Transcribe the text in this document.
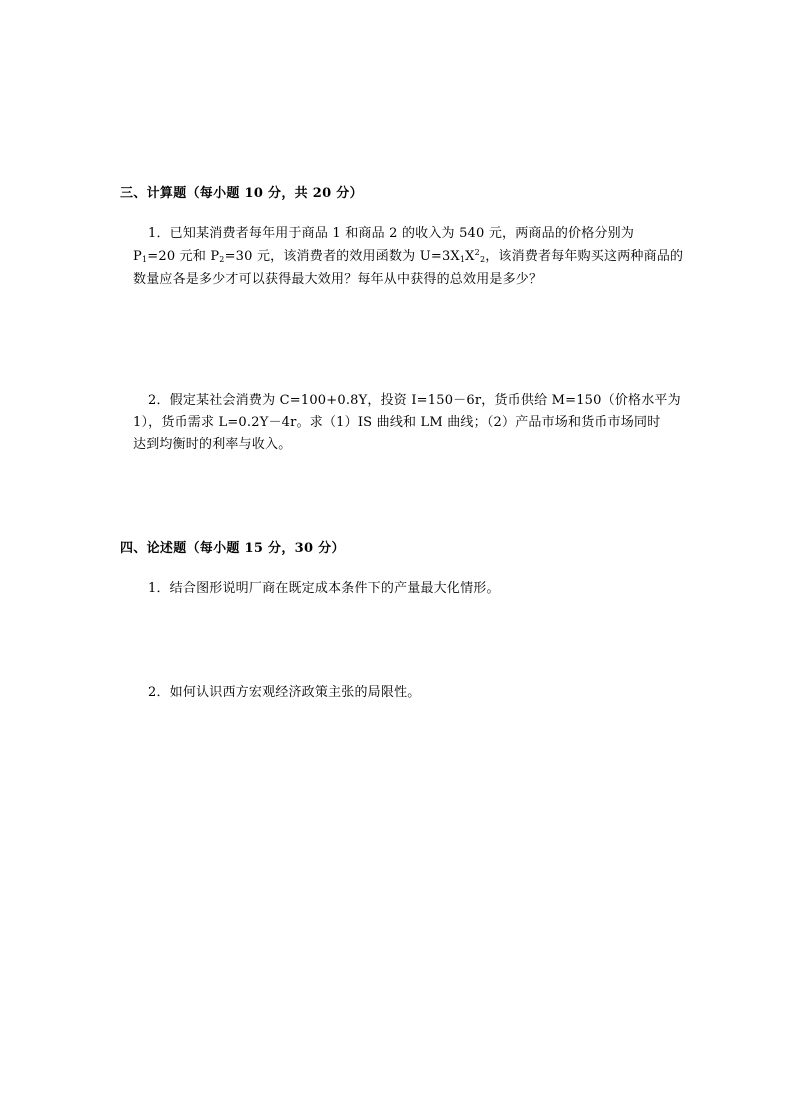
三、计算题（每小题 10 分，共 20 分）
1．已知某消费者每年用于商品 1 和商品 2 的收入为 540 元，两商品的价格分别为
$P_1=20$ 元和 $P_2=30$ 元，该消费者的效用函数为 $U=3X_1X^2_2$，该消费者每年购买这两种商品的
数量应各是多少才可以获得最大效用？每年从中获得的总效用是多少？
2．假定某社会消费为 C=100+0.8Y，投资 I=150－6r，货币供给 M=150（价格水平为
1），货币需求 L=0.2Y－4r。求（1）IS 曲线和 LM 曲线；（2）产品市场和货币市场同时
达到均衡时的利率与收入。
四、论述题（每小题 15 分，30 分）
1．结合图形说明厂商在既定成本条件下的产量最大化情形。
2．如何认识西方宏观经济政策主张的局限性。
